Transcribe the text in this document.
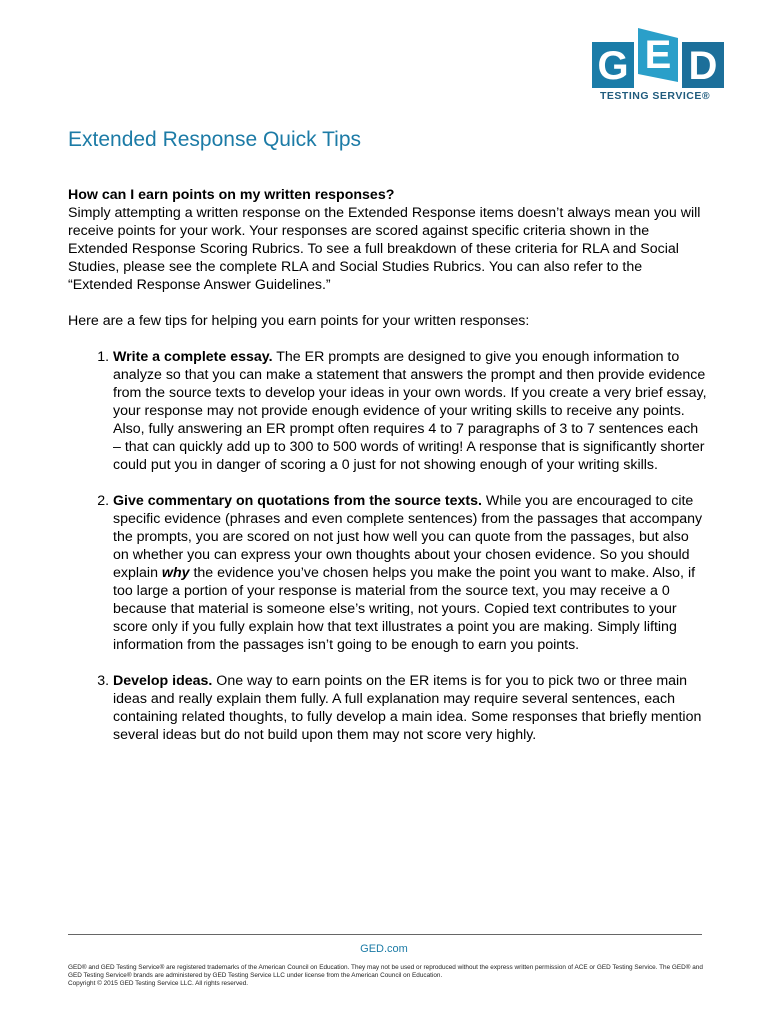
G E D
TESTING SERVICE®
Extended Response Quick Tips

How can I earn points on my written responses?

Simply attempting a written response on the Extended Response items doesn’t always mean you will receive points for your work. Your responses are scored against specific criteria shown in the Extended Response Scoring Rubrics. To see a full breakdown of these criteria for RLA and Social Studies, please see the complete RLA and Social Studies Rubrics. You can also refer to the “Extended Response Answer Guidelines.”

Here are a few tips for helping you earn points for your written responses:

1. Write a complete essay. The ER prompts are designed to give you enough information to analyze so that you can make a statement that answers the prompt and then provide evidence from the source texts to develop your ideas in your own words. If you create a very brief essay, your response may not provide enough evidence of your writing skills to receive any points. Also, fully answering an ER prompt often requires 4 to 7 paragraphs of 3 to 7 sentences each – that can quickly add up to 300 to 500 words of writing! A response that is significantly shorter could put you in danger of scoring a 0 just for not showing enough of your writing skills.
2. Give commentary on quotations from the source texts. While you are encouraged to cite specific evidence (phrases and even complete sentences) from the passages that accompany the prompts, you are scored on not just how well you can quote from the passages, but also on whether you can express your own thoughts about your chosen evidence. So you should explain why the evidence you’ve chosen helps you make the point you want to make. Also, if too large a portion of your response is material from the source text, you may receive a 0 because that material is someone else’s writing, not yours. Copied text contributes to your score only if you fully explain how that text illustrates a point you are making. Simply lifting information from the passages isn’t going to be enough to earn you points.
3. Develop ideas. One way to earn points on the ER items is for you to pick two or three main ideas and really explain them fully. A full explanation may require several sentences, each containing related thoughts, to fully develop a main idea. Some responses that briefly mention several ideas but do not build upon them may not score very highly.
GED.com
GED® and GED Testing Service® are registered trademarks of the American Council on Education. They may not be used or reproduced without the express written permission of ACE or GED Testing Service. The GED® and GED Testing Service® brands are administered by GED Testing Service LLC under license from the American Council on Education.
Copyright © 2015 GED Testing Service LLC. All rights reserved.
